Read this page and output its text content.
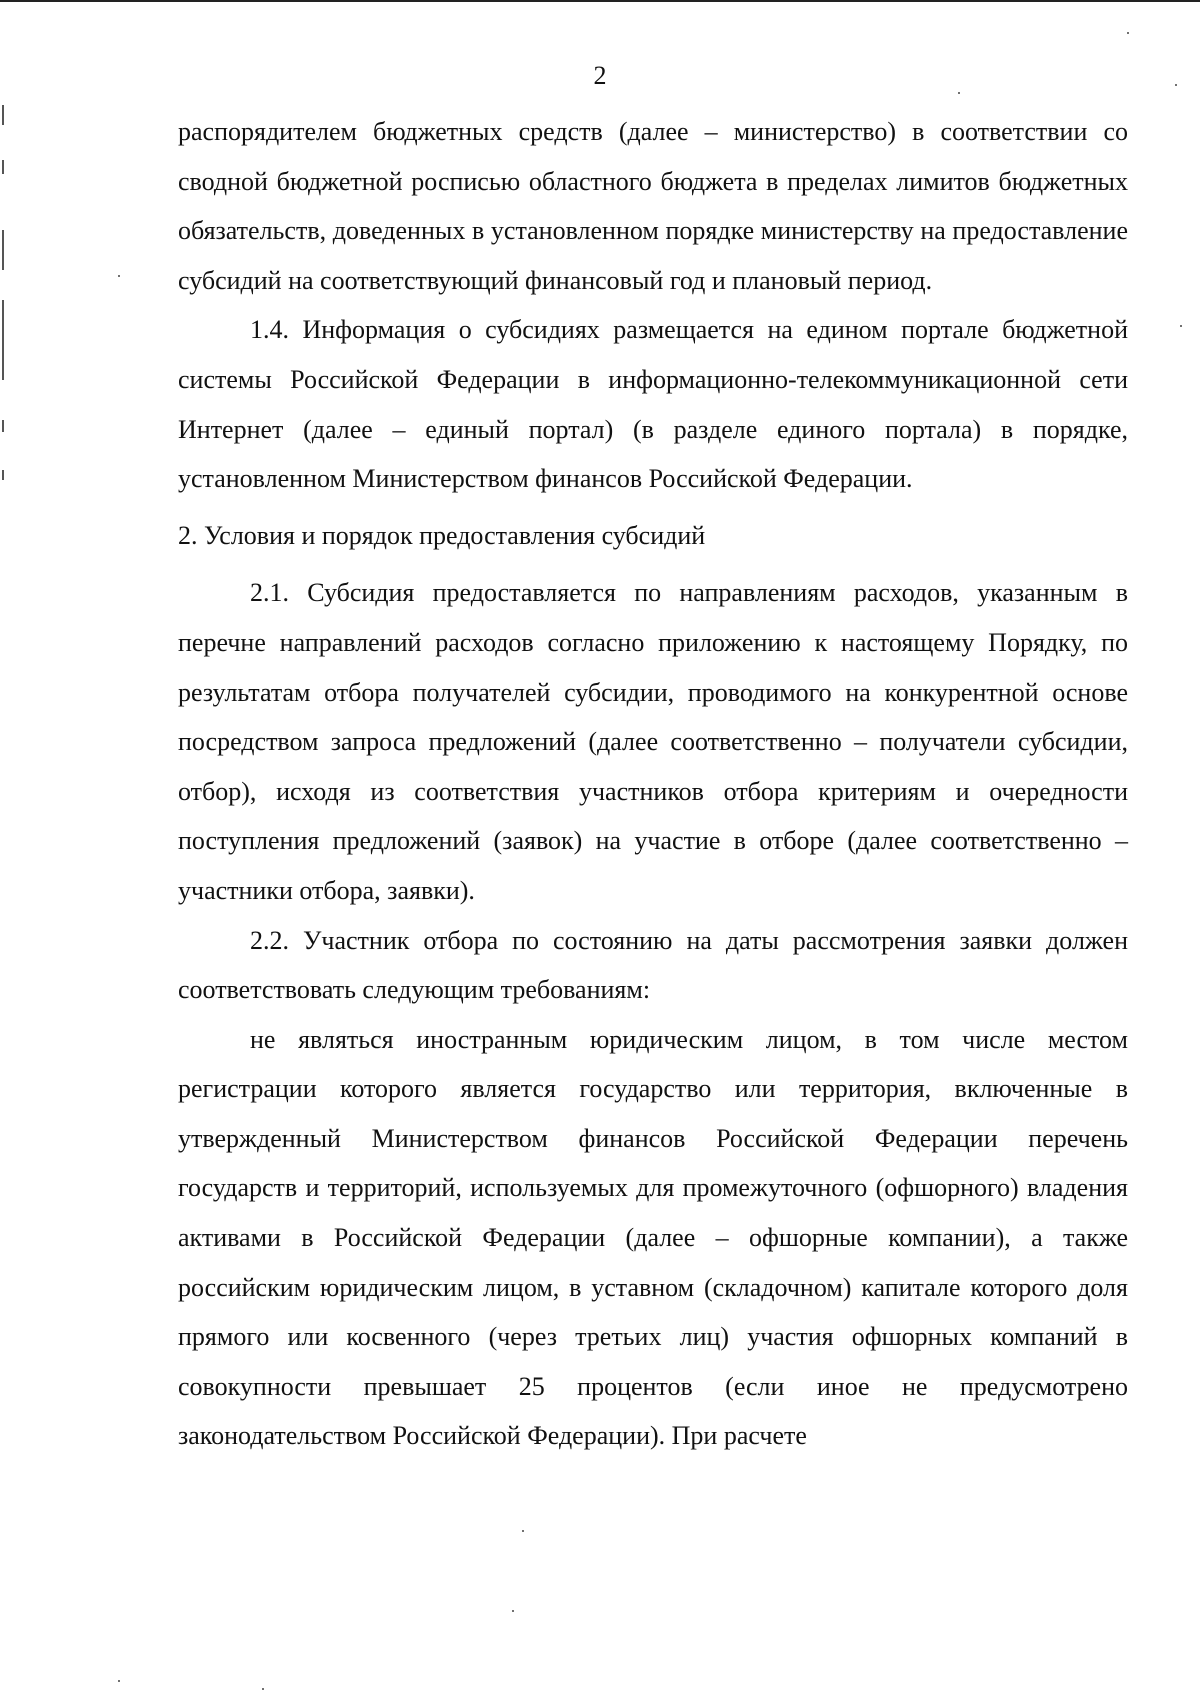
2

распорядителем бюджетных средств (далее – министерство) в соответствии со сводной бюджетной росписью областного бюджета в пределах лимитов бюджетных обязательств, доведенных в установленном порядке министерству на предоставление субсидий на соответствующий финансовый год и плановый период.

1.4. Информация о субсидиях размещается на едином портале бюджетной системы Российской Федерации в информационно-телекоммуникационной сети Интернет (далее – единый портал) (в разделе единого портала) в порядке, установленном Министерством финансов Российской Федерации.

2. Условия и порядок предоставления субсидий

2.1. Субсидия предоставляется по направлениям расходов, указанным в перечне направлений расходов согласно приложению к настоящему Порядку, по результатам отбора получателей субсидии, проводимого на конкурентной основе посредством запроса предложений (далее соответственно – получатели субсидии, отбор), исходя из соответствия участников отбора критериям и очередности поступления предложений (заявок) на участие в отборе (далее соответственно – участники отбора, заявки).

2.2. Участник отбора по состоянию на даты рассмотрения заявки должен соответствовать следующим требованиям:

не являться иностранным юридическим лицом, в том числе местом регистрации которого является государство или территория, включенные в утвержденный Министерством финансов Российской Федерации перечень государств и территорий, используемых для промежуточного (офшорного) владения активами в Российской Федерации (далее – офшорные компании), а также российским юридическим лицом, в уставном (складочном) капитале которого доля прямого или косвенного (через третьих лиц) участия офшорных компаний в совокупности превышает 25 процентов (если иное не предусмотрено законодательством Российской Федерации). При расчете
